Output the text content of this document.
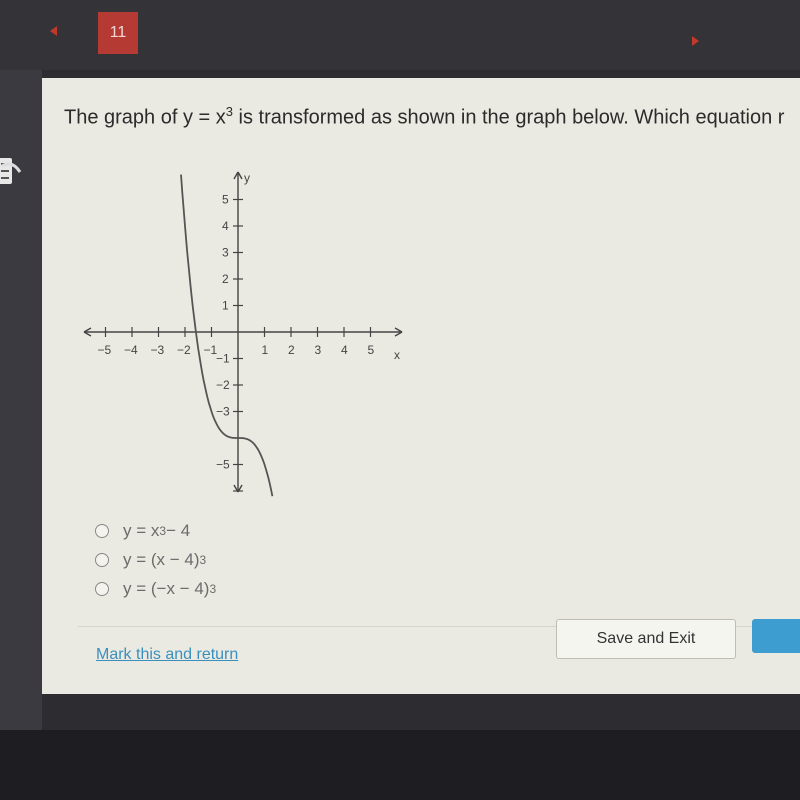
11
The graph of $y = x^3$ is transformed as shown in the graph below. Which equation r
y
x
−5 −4 −3 −2 −1	1 2 3 4 5
5
4
3
2
1
−1
−2
−3
−5
y = x 3 − 4
y = (x − 4) 3
y = (−x − 4) 3
Mark this and return
Save and Exit
